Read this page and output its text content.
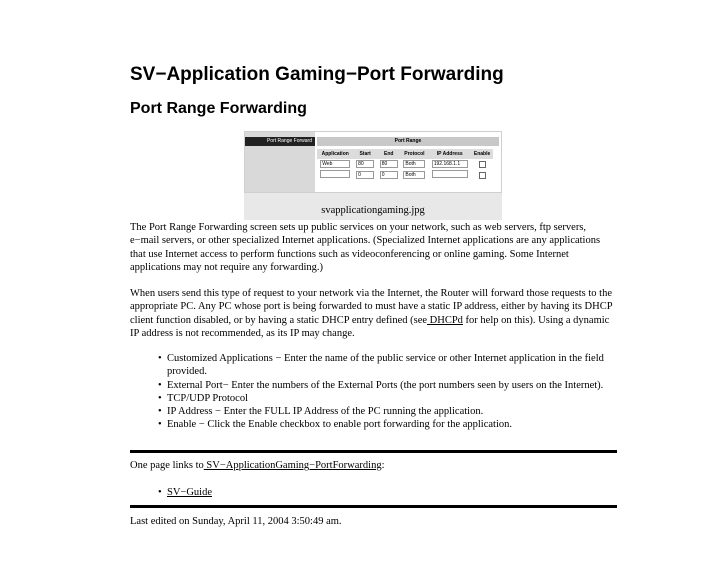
SV−Application Gaming−Port Forwarding
Port Range Forwarding
Port Range Forward	Port Range
Application	Start	End	Protocol	IP Address	Enable
Web	80	80	Both	192.168.1.1	
	0	0	Both		
svapplicationgaming.jpg

The Port Range Forwarding screen sets up public services on your network, such as web servers, ftp servers, e−mail servers, or other specialized Internet applications. (Specialized Internet applications are any applications that use Internet access to perform functions such as videoconferencing or online gaming. Some Internet applications may not require any forwarding.)

When users send this type of request to your network via the Internet, the Router will forward those requests to the appropriate PC. Any PC whose port is being forwarded to must have a static IP address, either by having its DHCP client function disabled, or by having a static DHCP entry defined (see DHCPd for help on this). Using a dynamic IP address is not recommended, as its IP may change.

• Customized Applications − Enter the name of the public service or other Internet application in the field provided.
• External Port− Enter the numbers of the External Ports (the port numbers seen by users on the Internet).
• TCP/UDP Protocol
• IP Address − Enter the FULL IP Address of the PC running the application.
• Enable − Click the Enable checkbox to enable port forwarding for the application.
One page links to SV−ApplicationGaming−PortForwarding:
• SV−Guide
Last edited on Sunday, April 11, 2004 3:50:49 am.
